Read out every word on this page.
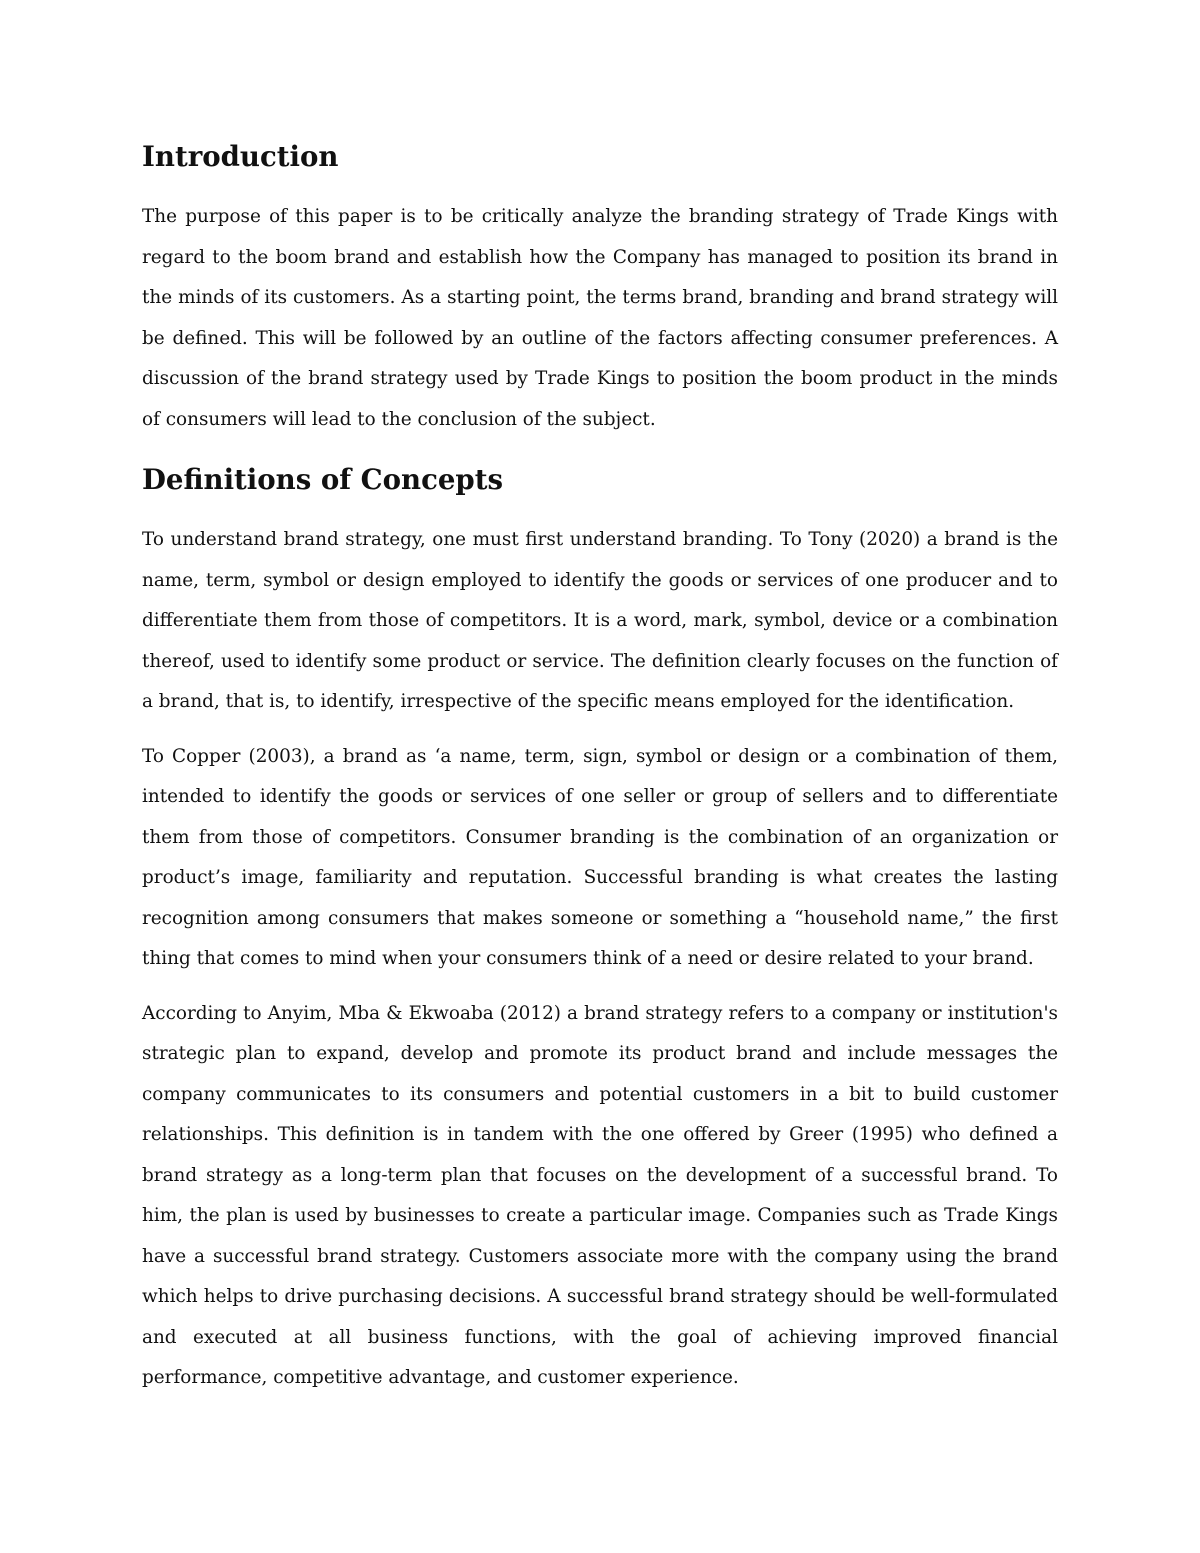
Introduction

The purpose of this paper is to be critically analyze the branding strategy of Trade Kings with regard to the boom brand and establish how the Company has managed to position its brand in the minds of its customers. As a starting point, the terms brand, branding and brand strategy will be defined. This will be followed by an outline of the factors affecting consumer preferences. A discussion of the brand strategy used by Trade Kings to position the boom product in the minds of consumers will lead to the conclusion of the subject.

Definitions of Concepts

To understand brand strategy, one must first understand branding. To Tony (2020) a brand is the name, term, symbol or design employed to identify the goods or services of one producer and to differentiate them from those of competitors. It is a word, mark, symbol, device or a combination thereof, used to identify some product or service. The definition clearly focuses on the function of a brand, that is, to identify, irrespective of the specific means employed for the identification.

To Copper (2003), a brand as ‘a name, term, sign, symbol or design or a combination of them, intended to identify the goods or services of one seller or group of sellers and to differentiate them from those of competitors. Consumer branding is the combination of an organization or product’s image, familiarity and reputation. Successful branding is what creates the lasting recognition among consumers that makes someone or something a “household name,” the first thing that comes to mind when your consumers think of a need or desire related to your brand.

According to Anyim, Mba & Ekwoaba (2012) a brand strategy refers to a company or institution's strategic plan to expand, develop and promote its product brand and include messages the company communicates to its consumers and potential customers in a bit to build customer relationships. This definition is in tandem with the one offered by Greer (1995) who defined a brand strategy as a long-term plan that focuses on the development of a successful brand. To him, the plan is used by businesses to create a particular image. Companies such as Trade Kings have a successful brand strategy. Customers associate more with the company using the brand which helps to drive purchasing decisions. A successful brand strategy should be well-formulated and executed at all business functions, with the goal of achieving improved financial performance, competitive advantage, and customer experience.
